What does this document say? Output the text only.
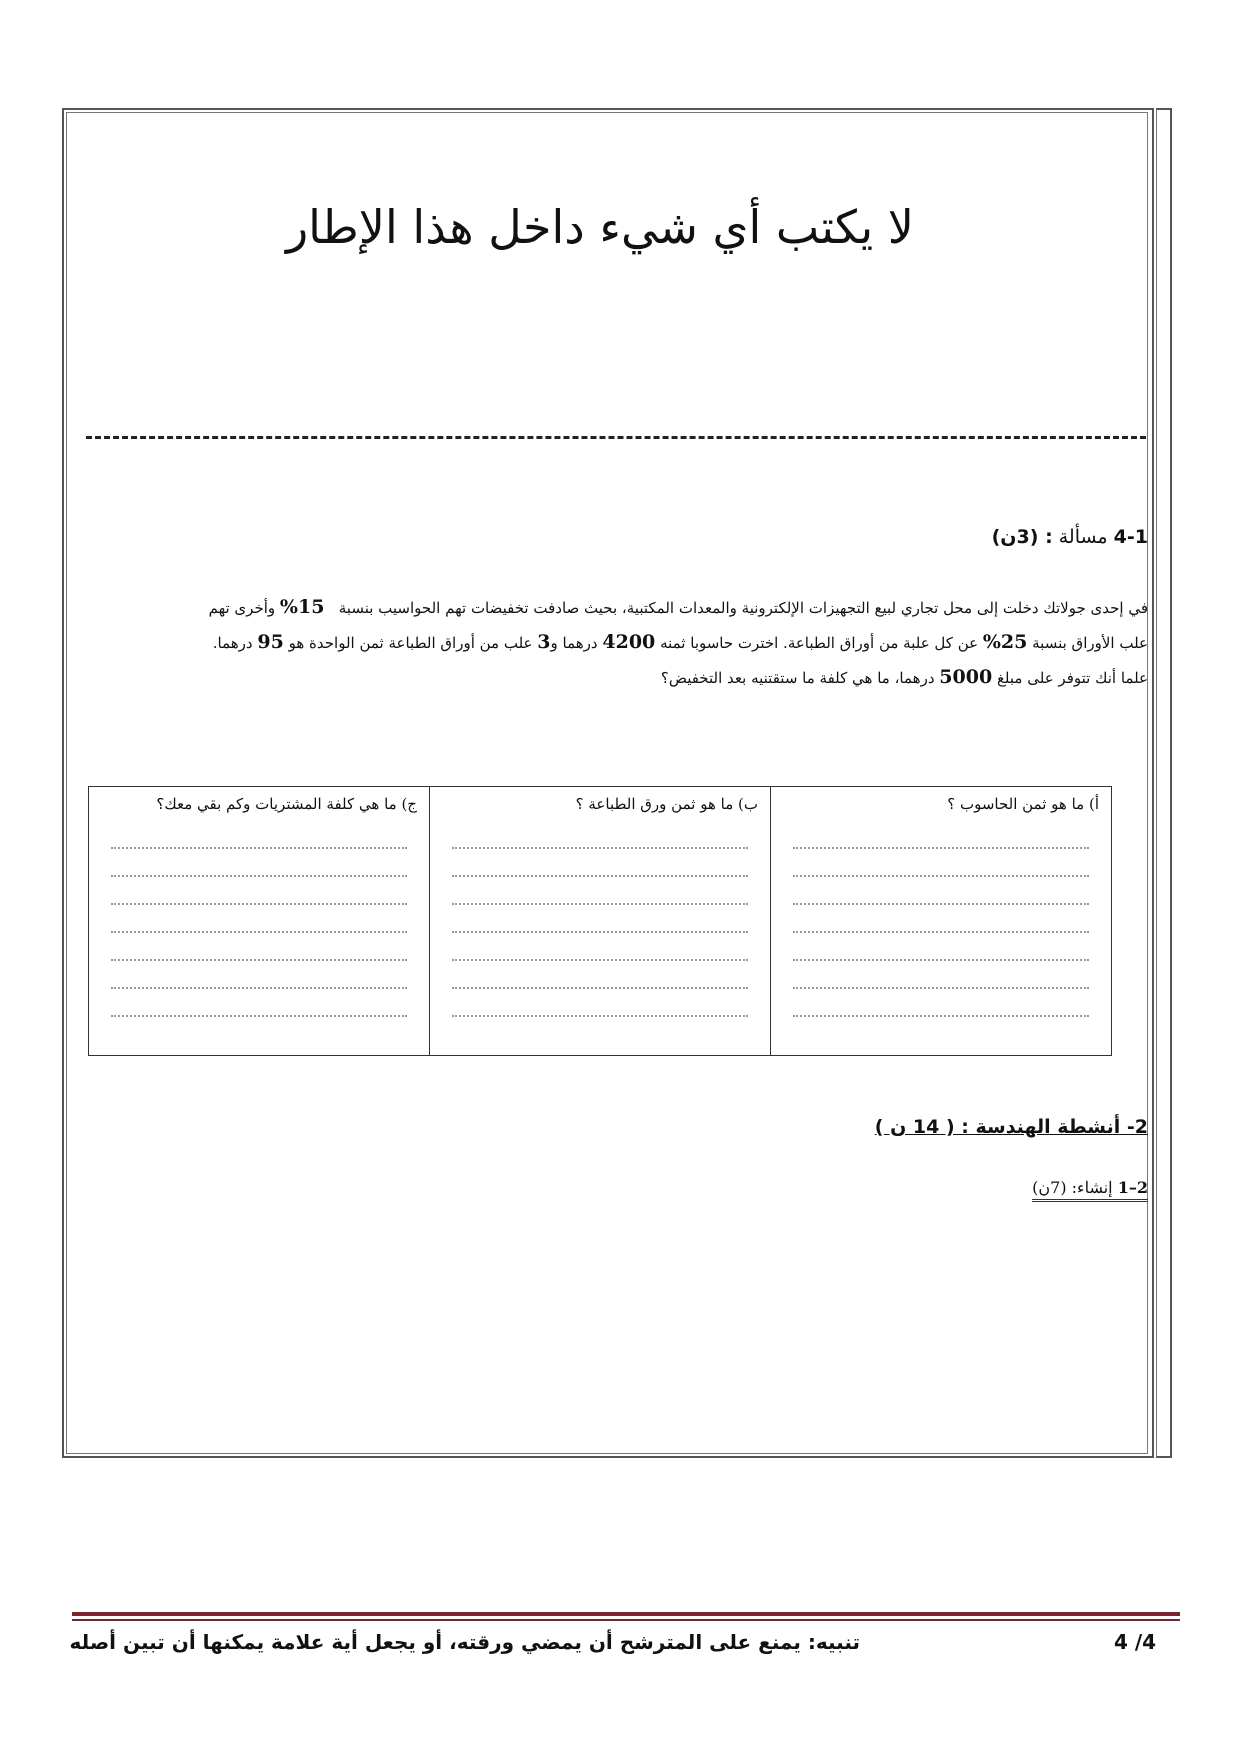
لا يكتب أي شيء داخل هذا الإطار
4-1 مسألة : (3ن)

في إحدى جولاتك دخلت إلى محل تجاري لبيع التجهيزات الإلكترونية والمعدات المكتبية، بحيث صادفت تخفيضات تهم الحواسيب بنسبة   15% وأخرى تهم

علب الأوراق بنسبة 25% عن كل علبة من أوراق الطباعة. اخترت حاسوبا ثمنه 4200 درهما و3 علب من أوراق الطباعة ثمن الواحدة هو 95 درهما.

علما أنك تتوفر على مبلغ 5000 درهما، ما هي كلفة ما ستقتنيه بعد التخفيض؟

أ) ما هو ثمن الحاسوب ؟

ب) ما هو ثمن ورق الطباعة ؟

ج) ما هي كلفة المشتريات وكم بقي معك؟
2- أنشطة الهندسة : ( 14 ن )
2–1 إنشاء: (7ن)
تنبيه: يمنع على المترشح أن يمضي ورقته، أو يجعل أية علامة يمكنها أن تبين أصله	4 /4
